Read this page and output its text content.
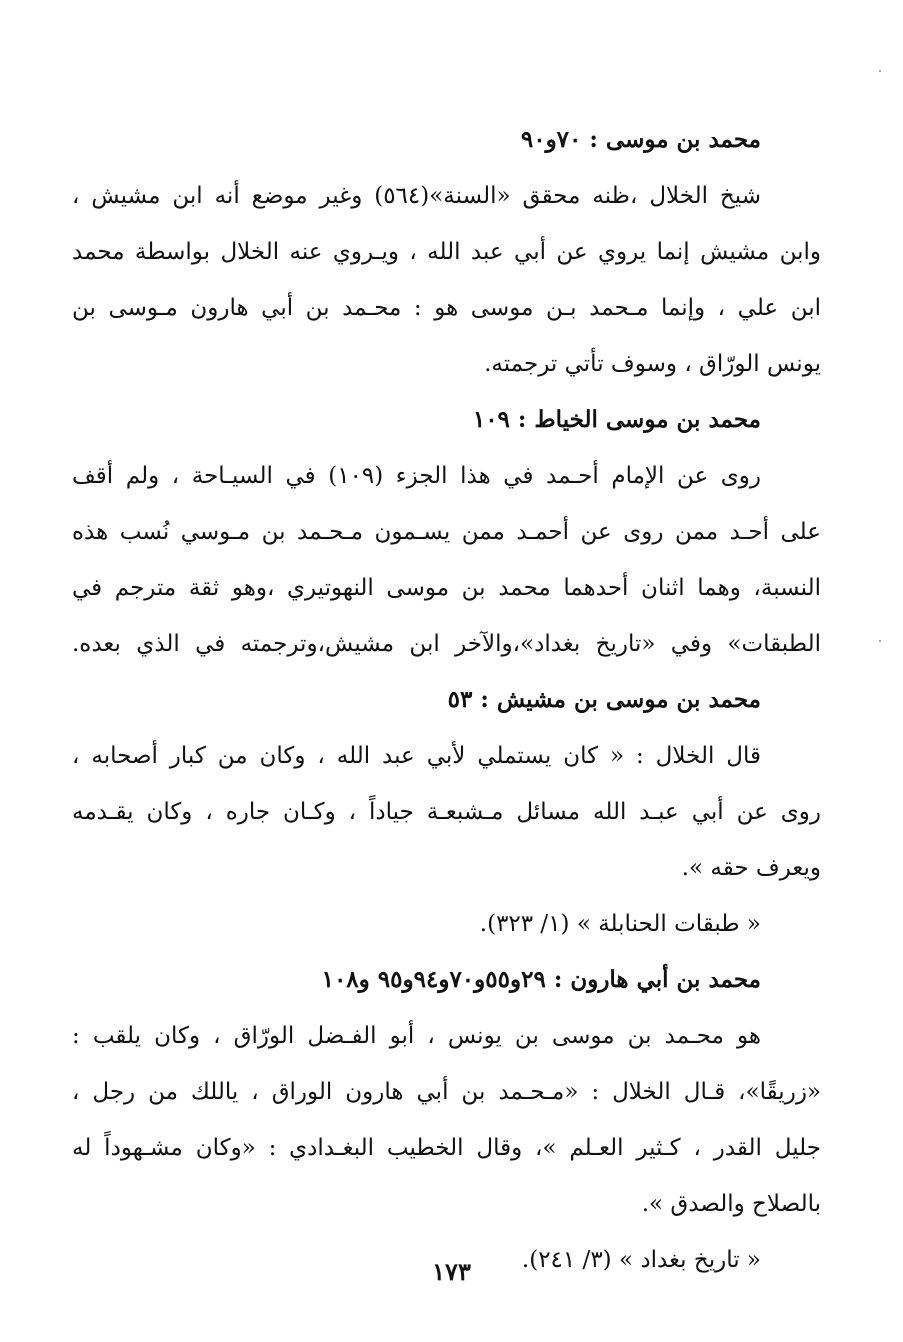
محمد بن موسى : ٧٠و٩٠
شيخ الخلال ،ظنه محقق «السنة»(٥٦٤) وغير موضع أنه ابن مشيش ،
وابن مشيش إنما يروي عن أبي عبد الله ، ويـروي عنه الخلال بواسطة محمد
ابن علي ، وإنما مـحمد بـن موسى هو : محـمد بن أبي هارون مـوسى بن
يونس الورّاق ، وسوف تأتي ترجمته.
محمد بن موسى الخياط : ١٠٩
روى عن الإمام أحـمد في هذا الجزء (١٠٩) في السيـاحة ، ولم أقف
على أحـد ممن روى عن أحمـد ممن يسـمون مـحـمد بن مـوسي نُسب هذه
النسبة، وهما اثنان أحدهما محمد بن موسى النهوتيري ،وهو ثقة مترجم في
الطبقات» وفي «تاريخ بغداد»،والآخر ابن مشيش،وترجمته في الذي بعده.
محمد بن موسى بن مشيش : ٥٣
قال الخلال : « كان يستملي لأبي عبد الله ، وكان من كبار أصحابه ،
روى عن أبي عبـد الله مسائل مـشبعـة جياداً ، وكـان جاره ، وكان يقـدمه
ويعرف حقه ».
« طبقات الحنابلة » (١/ ٣٢٣).
محمد بن أبي هارون : ٢٩و٥٥و٧٠و٩٤و٩٥ و١٠٨
هو محـمد بن موسى بن يونس ، أبو الفـضل الورّاق ، وكان يلقب :
«زريقًا»، قـال الخلال : «مـحـمد بن أبي هارون الوراق ، ياللك من رجل ،
جليل القدر ، كـثير العـلم »، وقال الخطيب البغـدادي : «وكان مشـهوداً له
بالصلاح والصدق ».
« تاريخ بغداد » (٣/ ٢٤١).
١٧٣
